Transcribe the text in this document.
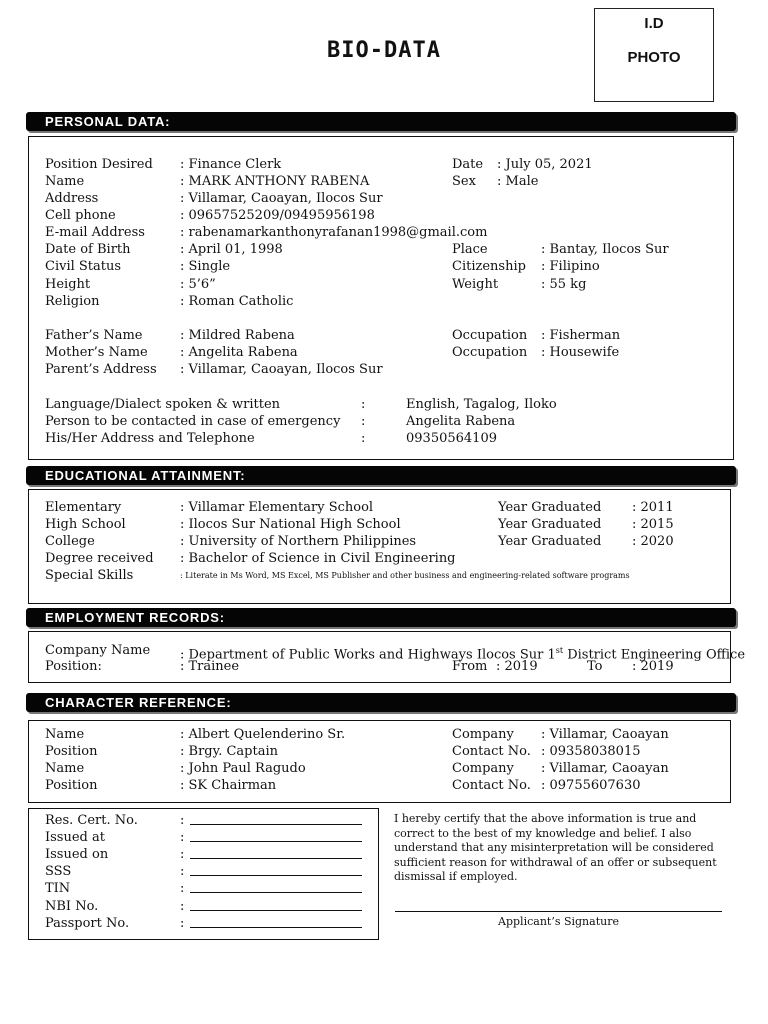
BIO-DATA
I.D
PHOTO
PERSONAL DATA:
Position Desired : Finance Clerk	Date : July 05, 2021
Name	: MARK ANTHONY RABENA	Sex : Male
Address	: Villamar, Caoayan, Ilocos Sur
Cell phone	: 09657525209/09495956198
E-mail Address	: rabenamarkanthonyrafanan1998@gmail.com
Date of Birth	: April 01, 1998	Place	: Bantay, Ilocos Sur
Civil Status	: Single	Citizenship : Filipino
Height	: 5’6”	Weight	: 55 kg
Religion	: Roman Catholic
Father’s Name	: Mildred Rabena	Occupation : Fisherman
Mother’s Name : Angelita Rabena	Occupation : Housewife
Parent’s Address : Villamar, Caoayan, Ilocos Sur
Language/Dialect spoken & written	:	English, Tagalog, Iloko
Person to be contacted in case of emergency :	Angelita Rabena
His/Her Address and Telephone	:	09350564109
EDUCATIONAL ATTAINMENT:
Elementary	: Villamar Elementary School	Year Graduated : 2011
High School	: Ilocos Sur National High School	Year Graduated : 2015
College	: University of Northern Philippines	Year Graduated : 2020
Degree received : Bachelor of Science in Civil Engineering
Special Skills	: Literate in Ms Word, MS Excel, MS Publisher and other business and engineering-related software programs
EMPLOYMENT RECORDS:
Company Name : Department of Public Works and Highways Ilocos Sur 1st District Engineering Office
Position:	: Trainee	From : 2019	To : 2019
CHARACTER REFERENCE:
Name	: Albert Quelenderino Sr.	Company : Villamar, Caoayan
Position	: Brgy. Captain	Contact No. : 09358038015
Name	: John Paul Ragudo	Company : Villamar, Caoayan
Position	: SK Chairman	Contact No. : 09755607630
Res. Cert. No.	:
Issued at	:
Issued on	:
SSS	:
TIN	:
NBI No.	:
Passport No.	:
I hereby certify that the above information is true and correct to the best of my knowledge and belief. I also understand that any misinterpretation will be considered sufficient reason for withdrawal of an offer or subsequent dismissal if employed.
Applicant’s Signature
